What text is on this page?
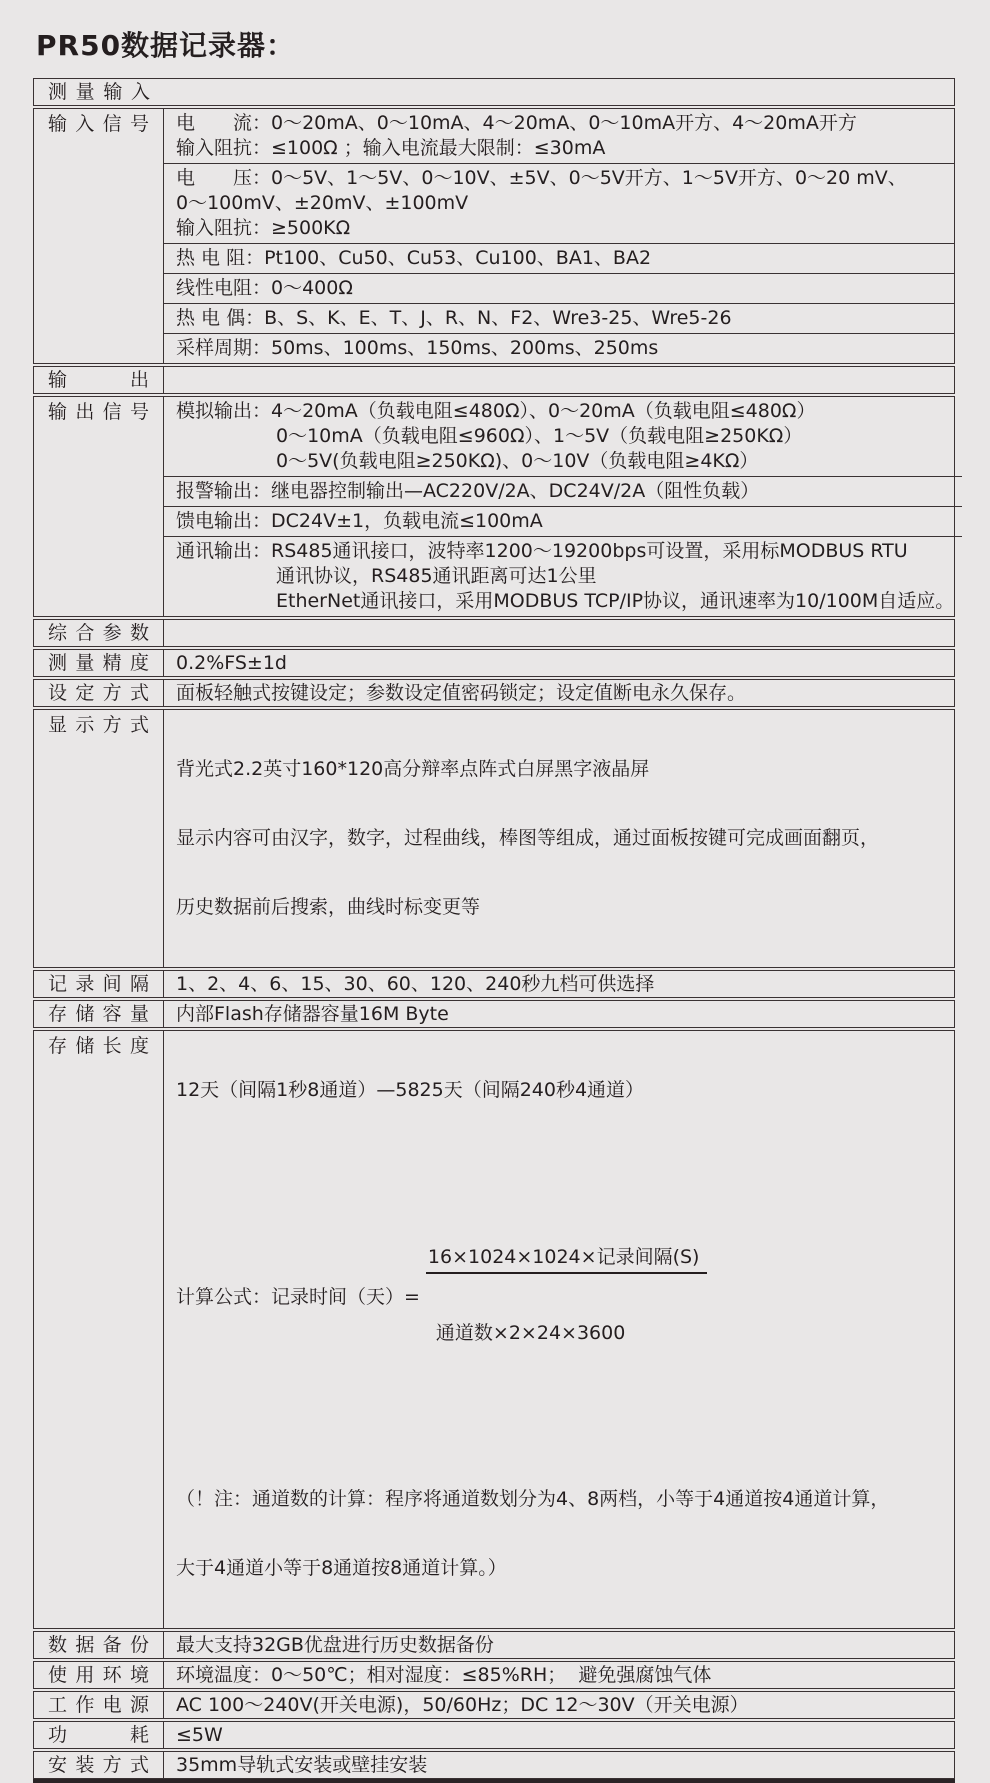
PR50数据记录器：
测量输入
输入信号	电　　流：0～20mA、0～10mA、4～20mA、0～10mA开方、4～20mA开方

输入阻抗：≤100Ω ；输入电流最大限制：≤30mA

电　　压：0～5V、1～5V、0～10V、±5V、0～5V开方、1～5V开方、0～20 mV、

0～100mV、±20mV、±100mV

输入阻抗：≥500KΩ

热 电 阻：Pt100、Cu50、Cu53、Cu100、BA1、BA2

线性电阻：0～400Ω

热 电 偶：B、S、K、E、T、J、R、N、F2、Wre3-25、Wre5-26

采样周期：50ms、100ms、150ms、200ms、250ms

输出
输出信号	模拟输出：4～20mA（负载电阻≤480Ω）、0～20mA（负载电阻≤480Ω）

0～10mA（负载电阻≤960Ω）、1～5V（负载电阻≥250KΩ）

0～5V(负载电阻≥250KΩ)、0～10V（负载电阻≥4KΩ）

报警输出：继电器控制输出—AC220V/2A、DC24V/2A（阻性负载）

馈电输出：DC24V±1，负载电流≤100mA

通讯输出：RS485通讯接口，波特率1200～19200bps可设置，采用标MODBUS RTU

通讯协议，RS485通讯距离可达1公里

EtherNet通讯接口，采用MODBUS TCP/IP协议，通讯速率为10/100M自适应。

综合参数
测量精度	0.2%FS±1d
设定方式	面板轻触式按键设定；参数设定值密码锁定；设定值断电永久保存。
显示方式

背光式2.2英寸160*120高分辩率点阵式白屏黑字液晶屏

显示内容可由汉字，数字，过程曲线，棒图等组成，通过面板按键可完成画面翻页，

历史数据前后搜索，曲线时标变更等

记录间隔	1、2、4、6、15、30、60、120、240秒九档可供选择
存储容量	内部Flash存储器容量16M Byte
存储长度

12天（间隔1秒8通道）—5825天（间隔240秒4通道）

计算公式：记录时间（天）=

$\frac{\text{16×1024×1024×记录间隔(S)}}{\text{通道数×2×24×3600}}$

（！注：通道数的计算：程序将通道数划分为4、8两档，小等于4通道按4通道计算，

大于4通道小等于8通道按8通道计算。）

数据备份	最大支持32GB优盘进行历史数据备份
使用环境	环境温度：0～50℃；相对湿度：≤85%RH；  避免强腐蚀气体
工作电源	AC 100～240V(开关电源)，50/60Hz；DC 12～30V（开关电源）
功耗	≤5W
安装方式	35mm导轨式安装或壁挂安装
